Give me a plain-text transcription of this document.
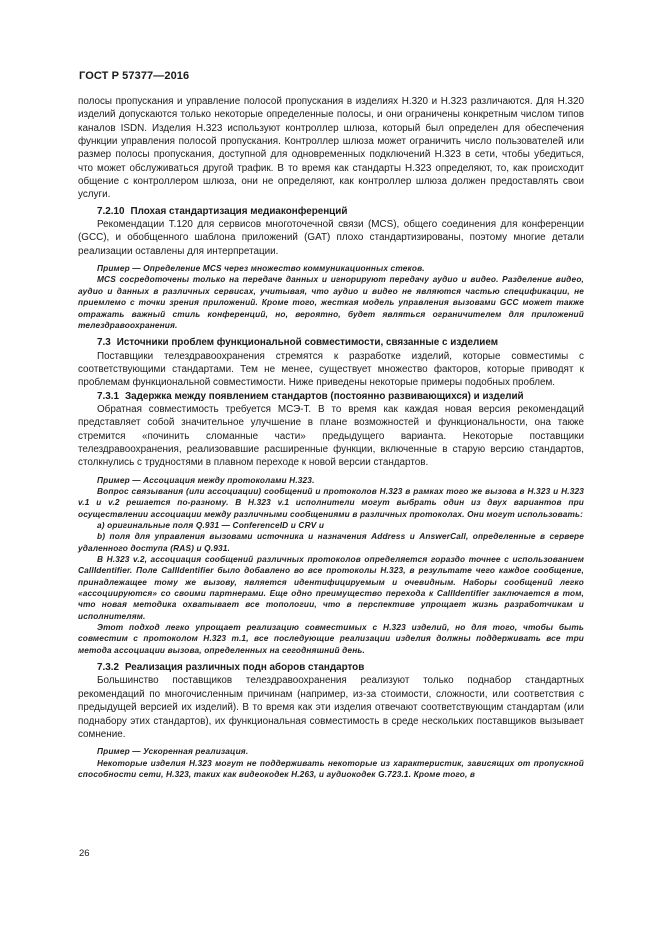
ГОСТ Р 57377—2016

полосы пропускания и управление полосой пропускания в изделиях H.320 и H.323 различаются. Для H.320 изделий допускаются только некоторые определенные полосы, и они ограничены конкретным числом типов каналов ISDN. Изделия H.323 используют контроллер шлюза, который был определен для обеспечения функции управления полосой пропускания. Контроллер шлюза может ограничить число пользователей или размер полосы пропускания, доступной для одновременных подключений H.323 в сети, чтобы убедиться, что может обслуживаться другой трафик. В то время как стандарты H.323 определяют, то, как происходит общение с контроллером шлюза, они не определяют, как контроллер шлюза должен предоставлять свои услуги.

7.2.10 Плохая стандартизация медиаконференций

Рекомендации T.120 для сервисов многоточечной связи (MCS), общего соединения для конференции (GCC), и обобщенного шаблона приложений (GAT) плохо стандартизированы, поэтому многие детали реализации оставлены для интерпретации.

Пример — Определение MCS через множество коммуникационных стеков.

MCS сосредоточены только на передаче данных и игнорируют передачу аудио и видео. Разделение видео, аудио и данных в различных сервисах, учитывая, что аудио и видео не являются частью спецификации, не приемлемо с точки зрения приложений. Кроме того, жесткая модель управления вызовами GCC может также отражать важный стиль конференций, но, вероятно, будет являться ограничителем для приложений телездравоохранения.

7.3 Источники проблем функциональной совместимости, связанные с изделием

Поставщики телездравоохранения стремятся к разработке изделий, которые совместимы с соответствующими стандартами. Тем не менее, существует множество факторов, которые приводят к проблемам функциональной совместимости. Ниже приведены некоторые примеры подобных проблем.

7.3.1 Задержка между появлением стандартов (постоянно развивающихся) и изделий

Обратная совместимость требуется МСЭ-Т. В то время как каждая новая версия рекомендаций представляет собой значительное улучшение в плане возможностей и функциональности, она также стремится «починить сломанные части» предыдущего варианта. Некоторые поставщики телездравоохранения, реализовавшие расширенные функции, включенные в старую версию стандартов, столкнулись с трудностями в плавном переходе к новой версии стандартов.

Пример — Ассоциация между протоколами H.323.

Вопрос связывания (или ассоциации) сообщений и протоколов H.323 в рамках того же вызова в H.323 и H.323 v.1 и v.2 решается по-разному. В H.323 v.1 исполнители могут выбрать один из двух вариантов при осуществлении ассоциации между различными сообщениями в различных протоколах. Они могут использовать:

a) оригинальные поля Q.931 — ConferenceID и CRV и

b) поля для управления вызовами источника и назначения Address и AnswerCall, определенные в сервере удаленного доступа (RAS) и Q.931.

В H.323 v.2, ассоциация сообщений различных протоколов определяется гораздо точнее с использованием CallIdentifier. Поле CallIdentifier было добавлено во все протоколы H.323, в результате чего каждое сообщение, принадлежащее тому же вызову, является идентифицируемым и очевидным. Наборы сообщений легко «ассоциируются» со своими партнерами. Еще одно преимущество перехода к CallIdentifier заключается в том, что новая методика охватывает все топологии, что в перспективе упрощает жизнь разработчикам и исполнителям.

Этот подход легко упрощает реализацию совместимых с H.323 изделий, но для того, чтобы быть совместим с протоколом H.323 т.1, все последующие реализации изделия должны поддерживать все три метода ассоциации вызова, определенных на сегодняшний день.

7.3.2 Реализация различных подн аборов стандартов

Большинство поставщиков телездравоохранения реализуют только поднабор стандартных рекомендаций по многочисленным причинам (например, из-за стоимости, сложности, или соответствия с предыдущей версией их изделий). В то время как эти изделия отвечают соответствующим стандартам (или поднабору этих стандартов), их функциональная совместимость в среде нескольких поставщиков вызывает сомнение.

Пример — Ускоренная реализация.

Некоторые изделия H.323 могут не поддерживать некоторые из характеристик, зависящих от пропускной способности сети, H.323, таких как видеокодек H.263, и аудиокодек G.723.1. Кроме того, в

26
